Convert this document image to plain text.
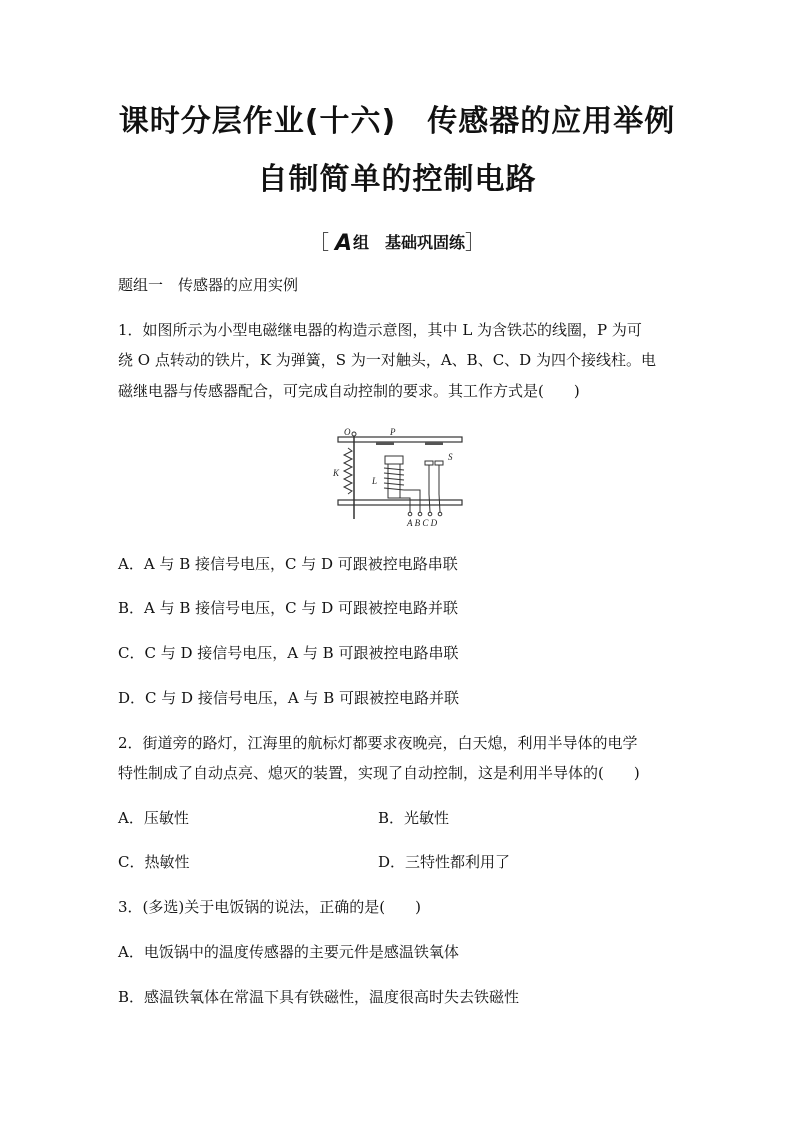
课时分层作业(十六)　传感器的应用举例
自制简单的控制电路
［ A组　基础巩固练］
题组一　传感器的应用实例
1．如图所示为小型电磁继电器的构造示意图，其中 L 为含铁芯的线圈，P 为可
绕 O 点转动的铁片，K 为弹簧，S 为一对触头，A、B、C、D 为四个接线柱。电
磁继电器与传感器配合，可完成自动控制的要求。其工作方式是(　　)
O	P
S
K
L
A B C D
A．A 与 B 接信号电压，C 与 D 可跟被控电路串联
B．A 与 B 接信号电压，C 与 D 可跟被控电路并联
C．C 与 D 接信号电压，A 与 B 可跟被控电路串联
D．C 与 D 接信号电压，A 与 B 可跟被控电路并联
2．街道旁的路灯，江海里的航标灯都要求夜晚亮，白天熄，利用半导体的电学
特性制成了自动点亮、熄灭的装置，实现了自动控制，这是利用半导体的(　　)
A．压敏性	B．光敏性
C．热敏性	D．三特性都利用了
3．(多选)关于电饭锅的说法，正确的是(　　)
A．电饭锅中的温度传感器的主要元件是感温铁氧体
B．感温铁氧体在常温下具有铁磁性，温度很高时失去铁磁性
